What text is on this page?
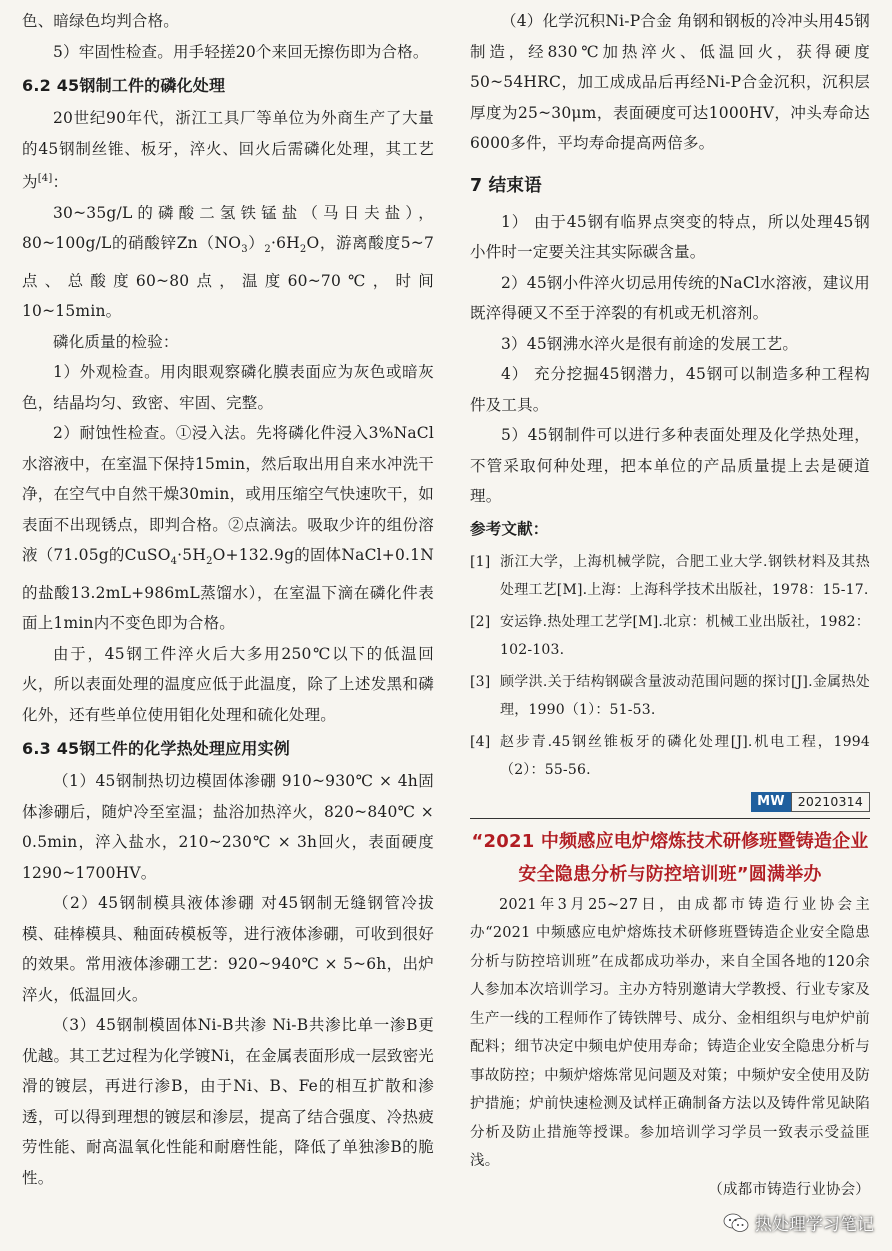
色、暗绿色均判合格。

5）牢固性检查。用手轻搓20个来回无擦伤即为合格。

6.2 45钢制工件的磷化处理

20世纪90年代，浙江工具厂等单位为外商生产了大量的45钢制丝锥、板牙，淬火、回火后需磷化处理，其工艺为[4]：

30~35g/L的磷酸二氢铁锰盐（马日夫盐），80~100g/L的硝酸锌$Zn(NO_3)_2\cdot 6H_2O$，游离酸度5~7点、总酸度60~80点，温度60~70℃，时间10~15min。

磷化质量的检验：

1）外观检查。用肉眼观察磷化膜表面应为灰色或暗灰色，结晶均匀、致密、牢固、完整。

2）耐蚀性检查。①浸入法。先将磷化件浸入3%NaCl水溶液中，在室温下保持15min，然后取出用自来水冲洗干净，在空气中自然干燥30min，或用压缩空气快速吹干，如表面不出现锈点，即判合格。②点滴法。吸取少许的组份溶液（71.05g的$CuSO_4\cdot 5H_2O+132.9g$的固体NaCl+0.1N的盐酸13.2mL+986mL蒸馏水），在室温下滴在磷化件表面上1min内不变色即为合格。

由于，45钢工件淬火后大多用250℃以下的低温回火，所以表面处理的温度应低于此温度，除了上述发黑和磷化外，还有些单位使用钼化处理和硫化处理。

6.3 45钢工件的化学热处理应用实例

（1）45钢制热切边模固体渗硼 910~930℃ × 4h固体渗硼后，随炉冷至室温；盐浴加热淬火，820~840℃ × 0.5min，淬入盐水，210~230℃ × 3h回火，表面硬度1290~1700HV。

（2）45钢制模具液体渗硼 对45钢制无缝钢管冷拔模、硅棒模具、釉面砖模板等，进行液体渗硼，可收到很好的效果。常用液体渗硼工艺：920~940℃ × 5~6h，出炉淬火，低温回火。

（3）45钢制模固体Ni-B共渗 Ni-B共渗比单一渗B更优越。其工艺过程为化学镀Ni，在金属表面形成一层致密光滑的镀层，再进行渗B，由于Ni、B、Fe的相互扩散和渗透，可以得到理想的镀层和渗层，提高了结合强度、冷热疲劳性能、耐高温氧化性能和耐磨性能，降低了单独渗B的脆性。

（4）化学沉积Ni-P合金 角钢和钢板的冷冲头用45钢制造，经830℃加热淬火、低温回火，获得硬度50~54HRC，加工成成品后再经Ni-P合金沉积，沉积层厚度为25~30μm，表面硬度可达1000HV，冲头寿命达6000多件，平均寿命提高两倍多。

7 结束语

1） 由于45钢有临界点突变的特点，所以处理45钢小件时一定要关注其实际碳含量。

2）45钢小件淬火切忌用传统的NaCl水溶液，建议用既淬得硬又不至于淬裂的有机或无机溶剂。

3）45钢沸水淬火是很有前途的发展工艺。

4） 充分挖掘45钢潜力，45钢可以制造多种工程构件及工具。

5）45钢制件可以进行多种表面处理及化学热处理，不管采取何种处理，把本单位的产品质量提上去是硬道理。

参考文献：
[1] 浙江大学，上海机械学院，合肥工业大学.钢铁材料及其热处理工艺[M].上海：上海科学技术出版社，1978：15-17.
[2] 安运铮.热处理工艺学[M].北京：机械工业出版社，1982：102-103.
[3] 顾学洪.关于结构钢碳含量波动范围问题的探讨[J].金属热处理，1990（1）：51-53.
[4] 赵步青.45钢丝锥板牙的磷化处理[J].机电工程，1994（2）：55-56.
MW	20210314
“2021 中频感应电炉熔炼技术研修班暨铸造企业安全隐患分析与防控培训班”圆满举办

2021年3月25~27日，由成都市铸造行业协会主办“2021 中频感应电炉熔炼技术研修班暨铸造企业安全隐患分析与防控培训班”在成都成功举办，来自全国各地的120余人参加本次培训学习。主办方特别邀请大学教授、行业专家及生产一线的工程师作了铸铁牌号、成分、金相组织与电炉炉前配料；细节决定中频电炉使用寿命；铸造企业安全隐患分析与事故防控；中频炉熔炼常见问题及对策；中频炉安全使用及防护措施；炉前快速检测及试样正确制备方法以及铸件常见缺陷分析及防止措施等授课。参加培训学习学员一致表示受益匪浅。

（成都市铸造行业协会）

热处理学习笔记
